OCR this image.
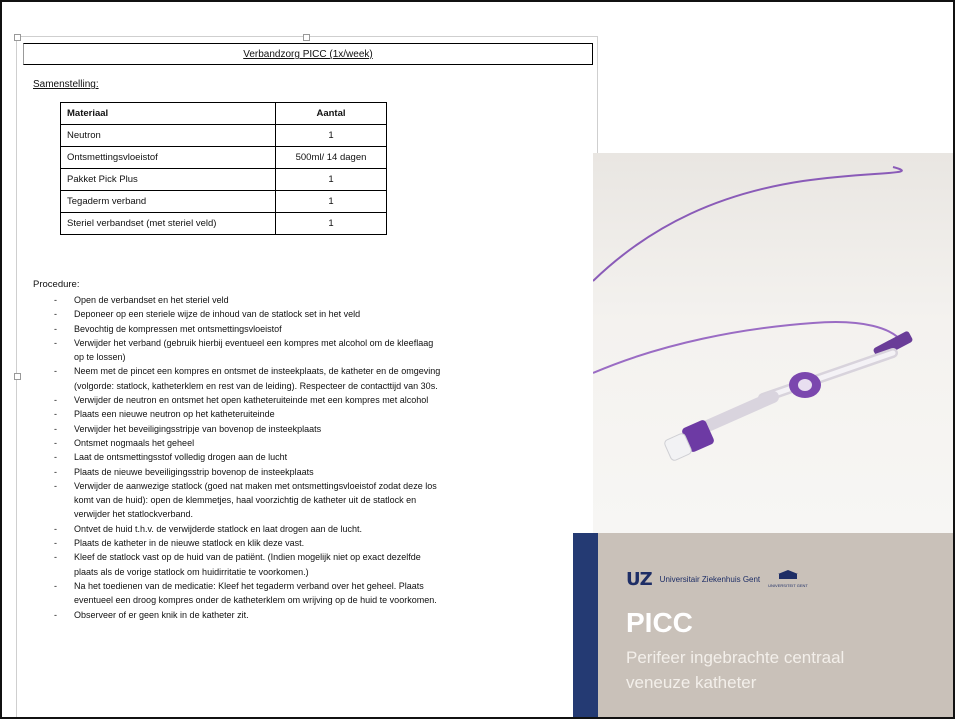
Verbandzorg PICC (1x/week)
Samenstelling:
Materiaal	Aantal
Neutron	1
Ontsmettingsvloeistof	500ml/ 14 dagen
Pakket Pick Plus	1
Tegaderm verband	1
Steriel verbandset (met steriel veld)	1
Procedure:
- Open de verbandset en het steriel veld
- Deponeer op een steriele wijze de inhoud van de statlock set in het veld
- Bevochtig de kompressen met ontsmettingsvloeistof
- Verwijder het verband (gebruik hierbij eventueel een kompres met alcohol om de kleeflaag
op te lossen)
- Neem met de pincet een kompres en ontsmet de insteekplaats, de katheter en de omgeving
(volgorde: statlock, katheterklem en rest van de leiding). Respecteer de contacttijd van 30s.
- Verwijder de neutron en ontsmet het open katheteruiteinde met een kompres met alcohol
- Plaats een nieuwe neutron op het katheteruiteinde
- Verwijder het beveiligingsstripje van bovenop de insteekplaats
- Ontsmet nogmaals het geheel
- Laat de ontsmettingsstof volledig drogen aan de lucht
- Plaats de nieuwe beveiligingsstrip bovenop de insteekplaats
- Verwijder de aanwezige statlock (goed nat maken met ontsmettingsvloeistof zodat deze los
komt van de huid): open de klemmetjes, haal voorzichtig de katheter uit de statlock en
verwijder het statlockverband.
- Ontvet de huid t.h.v. de verwijderde statlock en laat drogen aan de lucht.
- Plaats de katheter in de nieuwe statlock en klik deze vast.
- Kleef de statlock vast op de huid van de patiënt. (Indien mogelijk niet op exact dezelfde
plaats als de vorige statlock om huidirritatie te voorkomen.)
- Na het toedienen van de medicatie: Kleef het tegaderm verband over het geheel. Plaats
eventueel een droog kompres onder de katheterklem om wrijving op de huid te voorkomen.
- Observeer of er geen knik in de katheter zit.
UZ Universitair Ziekenhuis Gent
UNIVERSITEIT GENT
PICC
Perifeer ingebrachte centraal
veneuze katheter
